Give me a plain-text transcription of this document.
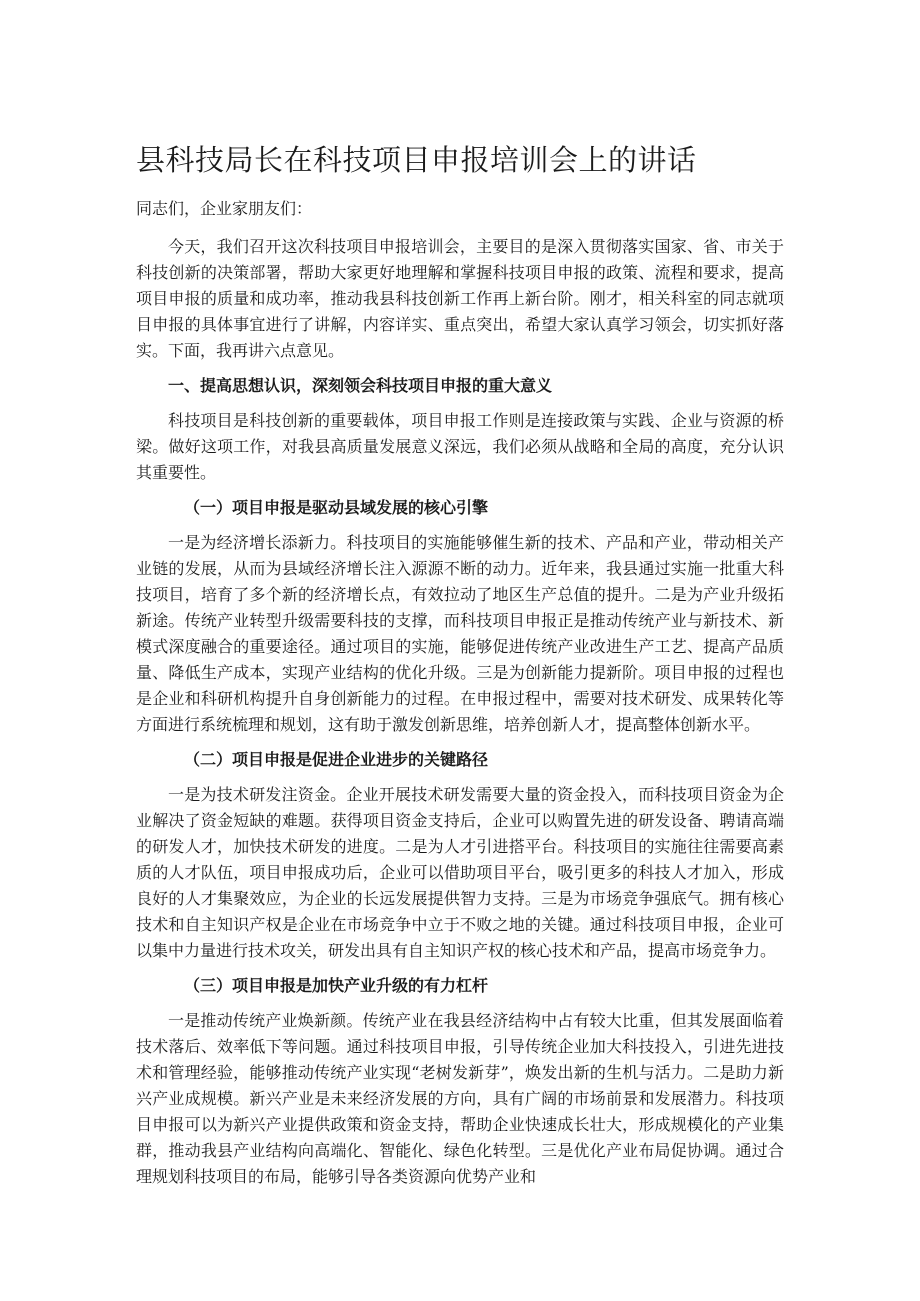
县科技局长在科技项目申报培训会上的讲话

同志们，企业家朋友们：

今天，我们召开这次科技项目申报培训会，主要目的是深入贯彻落实国家、省、市关于科技创新的决策部署，帮助大家更好地理解和掌握科技项目申报的政策、流程和要求，提高项目申报的质量和成功率，推动我县科技创新工作再上新台阶。刚才，相关科室的同志就项目申报的具体事宜进行了讲解，内容详实、重点突出，希望大家认真学习领会，切实抓好落实。下面，我再讲六点意见。

一、提高思想认识，深刻领会科技项目申报的重大意义

科技项目是科技创新的重要载体，项目申报工作则是连接政策与实践、企业与资源的桥梁。做好这项工作，对我县高质量发展意义深远，我们必须从战略和全局的高度，充分认识其重要性。

（一）项目申报是驱动县域发展的核心引擎

一是为经济增长添新力。科技项目的实施能够催生新的技术、产品和产业，带动相关产业链的发展，从而为县域经济增长注入源源不断的动力。近年来，我县通过实施一批重大科技项目，培育了多个新的经济增长点，有效拉动了地区生产总值的提升。二是为产业升级拓新途。传统产业转型升级需要科技的支撑，而科技项目申报正是推动传统产业与新技术、新模式深度融合的重要途径。通过项目的实施，能够促进传统产业改进生产工艺、提高产品质量、降低生产成本，实现产业结构的优化升级。三是为创新能力提新阶。项目申报的过程也是企业和科研机构提升自身创新能力的过程。在申报过程中，需要对技术研发、成果转化等方面进行系统梳理和规划，这有助于激发创新思维，培养创新人才，提高整体创新水平。

（二）项目申报是促进企业进步的关键路径

一是为技术研发注资金。企业开展技术研发需要大量的资金投入，而科技项目资金为企业解决了资金短缺的难题。获得项目资金支持后，企业可以购置先进的研发设备、聘请高端的研发人才，加快技术研发的进度。二是为人才引进搭平台。科技项目的实施往往需要高素质的人才队伍，项目申报成功后，企业可以借助项目平台，吸引更多的科技人才加入，形成良好的人才集聚效应，为企业的长远发展提供智力支持。三是为市场竞争强底气。拥有核心技术和自主知识产权是企业在市场竞争中立于不败之地的关键。通过科技项目申报，企业可以集中力量进行技术攻关，研发出具有自主知识产权的核心技术和产品，提高市场竞争力。

（三）项目申报是加快产业升级的有力杠杆

一是推动传统产业焕新颜。传统产业在我县经济结构中占有较大比重，但其发展面临着技术落后、效率低下等问题。通过科技项目申报，引导传统企业加大科技投入，引进先进技术和管理经验，能够推动传统产业实现“老树发新芽”，焕发出新的生机与活力。二是助力新兴产业成规模。新兴产业是未来经济发展的方向，具有广阔的市场前景和发展潜力。科技项目申报可以为新兴产业提供政策和资金支持，帮助企业快速成长壮大，形成规模化的产业集群，推动我县产业结构向高端化、智能化、绿色化转型。三是优化产业布局促协调。通过合理规划科技项目的布局，能够引导各类资源向优势产业和
